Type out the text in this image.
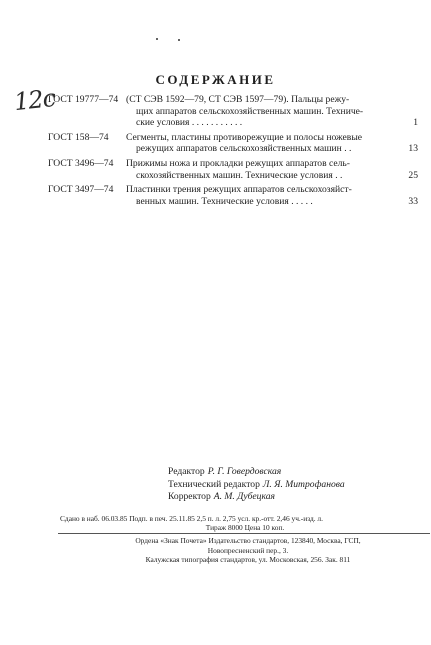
СОДЕРЖАНИЕ
12с
ГОСТ 19777—74 (СТ СЭВ 1592—79, СТ СЭВ 1597—79). Пальцы режу-
щих аппаратов сельскохозяйственных машин. Техниче-
ские условия . . . . . . . . . . .	1
ГОСТ 158—74	Сегменты, пластины противорежущие и полосы ножевые
режущих аппаратов сельскохозяйственных машин . .	13
ГОСТ 3496—74	Прижимы ножа и прокладки режущих аппаратов сель-
скохозяйственных машин. Технические условия . .	25
ГОСТ 3497—74	Пластинки трения режущих аппаратов сельскохозяйст-
венных машин. Технические условия . . . . .	33
Редактор Р. Г. Говердовская
Технический редактор Л. Я. Митрофанова
Корректор А. М. Дубецкая
Сдано в наб. 06.03.85 Подп. в печ. 25.11.85 2,5 п. л. 2,75 усл. кр.-отт. 2,46 уч.-изд. л.
Тираж 8000 Цена 10 коп.
Ордена «Знак Почета» Издательство стандартов, 123840, Москва, ГСП,
Новопресненский пер., 3.
Калужская типография стандартов, ул. Московская, 256. Зак. 811
